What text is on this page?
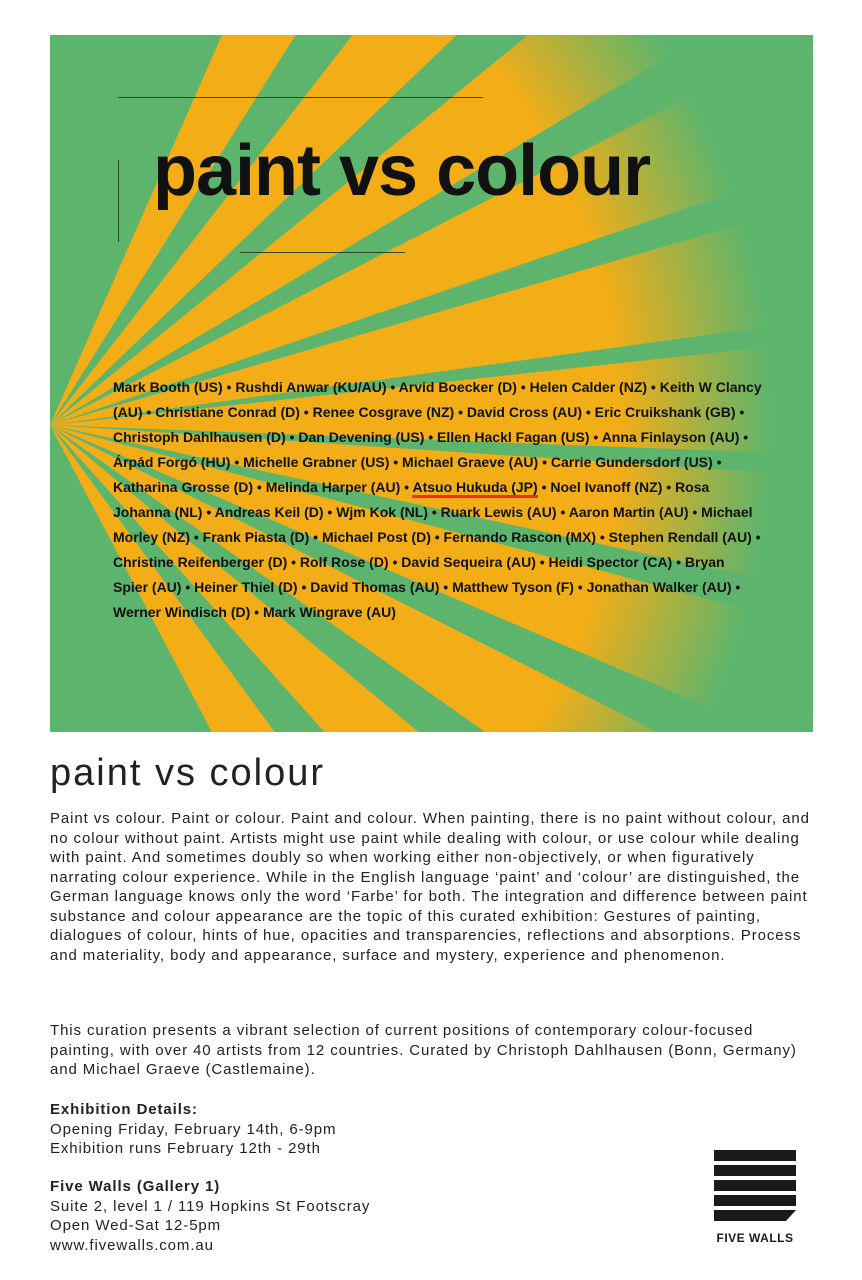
paint vs colour
Mark Booth (US) • Rushdi Anwar (KU/AU) • Arvid Boecker (D) • Helen Calder (NZ) • Keith W Clancy (AU) • Christiane Conrad (D) • Renee Cosgrave (NZ) • David Cross (AU) • Eric Cruikshank (GB) • Christoph Dahlhausen (D) • Dan Devening (US) • Ellen Hackl Fagan (US) • Anna Finlayson (AU) • Árpád Forgó (HU) • Michelle Grabner (US) • Michael Graeve (AU) • Carrie Gundersdorf (US) • Katharina Grosse (D) • Melinda Harper (AU) • Atsuo Hukuda (JP) • Noel Ivanoff (NZ) • Rosa Johanna (NL) • Andreas Keil (D) • Wjm Kok (NL) • Ruark Lewis (AU) • Aaron Martin (AU) • Michael Morley (NZ) • Frank Piasta (D) • Michael Post (D) • Fernando Rascon (MX) • Stephen Rendall (AU) • Christine Reifenberger (D) • Rolf Rose (D) • David Sequeira (AU) • Heidi Spector (CA) • Bryan Spier (AU) • Heiner Thiel (D) • David Thomas (AU) • Matthew Tyson (F) • Jonathan Walker (AU) • Werner Windisch (D) • Mark Wingrave (AU)
paint vs colour

Paint vs colour. Paint or colour. Paint and colour. When painting, there is no paint without colour, and no colour without paint. Artists might use paint while dealing with colour, or use colour while dealing with paint. And sometimes doubly so when working either non-objectively, or when figuratively narrating colour experience. While in the English language ‘paint’ and ‘colour’ are distinguished, the German language knows only the word ‘Farbe’ for both. The integration and difference between paint substance and colour appearance are the topic of this curated exhibition: Gestures of painting, dialogues of colour, hints of hue, opacities and transparencies, reflections and absorptions. Process and materiality, body and appearance, surface and mystery, experience and phenomenon.

This curation presents a vibrant selection of current positions of contemporary colour-focused painting, with over 40 artists from 12 countries. Curated by Christoph Dahlhausen (Bonn, Germany) and Michael Graeve (Castlemaine).

Exhibition Details:
Opening Friday, February 14th, 6-9pm
Exhibition runs February 12th - 29th
Five Walls (Gallery 1)
Suite 2, level 1 / 119 Hopkins St Footscray
Open Wed-Sat 12-5pm
www.fivewalls.com.au	FIVE WALLS
